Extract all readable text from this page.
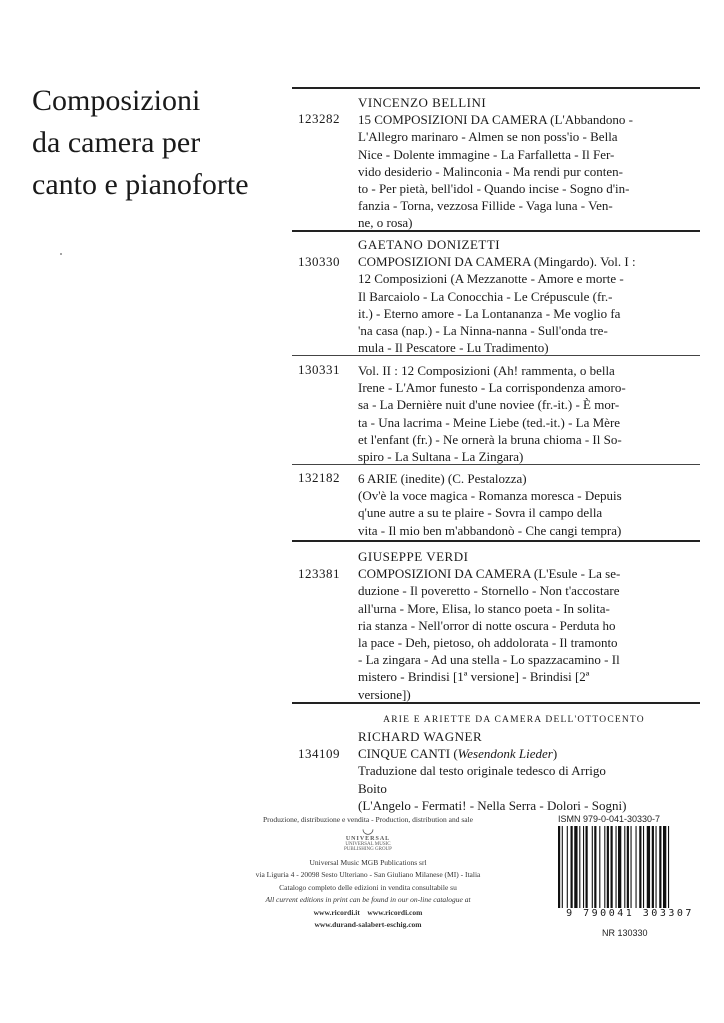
Composizioni
da camera per
canto e pianoforte
VINCENZO BELLINI
15 COMPOSIZIONI DA CAMERA (L'Abbandono -
L'Allegro marinaro - Almen se non poss'io - Bella
Nice - Dolente immagine - La Farfalletta - Il Fer-
vido desiderio - Malinconia - Ma rendi pur conten-
to - Per pietà, bell'idol - Quando incise - Sogno d'in-
fanzia - Torna, vezzosa Fillide - Vaga luna - Ven-
ne, o rosa)
123282
GAETANO DONIZETTI
COMPOSIZIONI DA CAMERA (Mingardo). Vol. I :
12 Composizioni (A Mezzanotte - Amore e morte -
Il Barcaiolo - La Conocchia - Le Crépuscule (fr.-
it.) - Eterno amore - La Lontananza - Me voglio fa
'na casa (nap.) - La Ninna-nanna - Sull'onda tre-
mula - Il Pescatore - Lu Tradimento)
130330
Vol. II : 12 Composizioni (Ah! rammenta, o bella
Irene - L'Amor funesto - La corrispondenza amoro-
sa - La Dernière nuit d'une noviee (fr.-it.) - È mor-
ta - Una lacrima - Meine Liebe (ted.-it.) - La Mère
et l'enfant (fr.) - Ne ornerà la bruna chioma - Il So-
spiro - La Sultana - La Zingara)
130331
6 ARIE (inedite) (C. Pestalozza)
(Ov'è la voce magica - Romanza moresca - Depuis
q'une autre a su te plaire - Sovra il campo della
vita - Il mio ben m'abbandonò - Che cangi tempra)
132182
GIUSEPPE VERDI
COMPOSIZIONI DA CAMERA (L'Esule - La se-
duzione - Il poveretto - Stornello - Non t'accostare
all'urna - More, Elisa, lo stanco poeta - In solita-
ria stanza - Nell'orror di notte oscura - Perduta ho
la pace - Deh, pietoso, oh addolorata - Il tramonto
- La zingara - Ad una stella - Lo spazzacamino - Il
mistero - Brindisi [1ª versione] - Brindisi [2ª
versione])
123381
ARIE E ARIETTE DA CAMERA DELL'OTTOCENTO
RICHARD WAGNER
CINQUE CANTI (Wesendonk Lieder)
Traduzione dal testo originale tedesco di Arrigo
Boito
(L'Angelo - Fermati! - Nella Serra - Dolori - Sogni)
134109
Produzione, distribuzione e vendita - Production, distribution and sale
Universal Music MGB Publications srl
via Liguria 4 - 20098 Sesto Ulteriano - San Giuliano Milanese (MI) - Italia
Catalogo completo delle edizioni in vendita consultabile su
All current editions in print can be found in our on-line catalogue at
www.ricordi.it www.ricordi.com
www.durand-salabert-eschig.com
◡
UNIVERSAL
UNIVERSAL MUSIC PUBLISHING GROUP
ISMN 979-0-041-30330-7
9 790041 303307
NR 130330
